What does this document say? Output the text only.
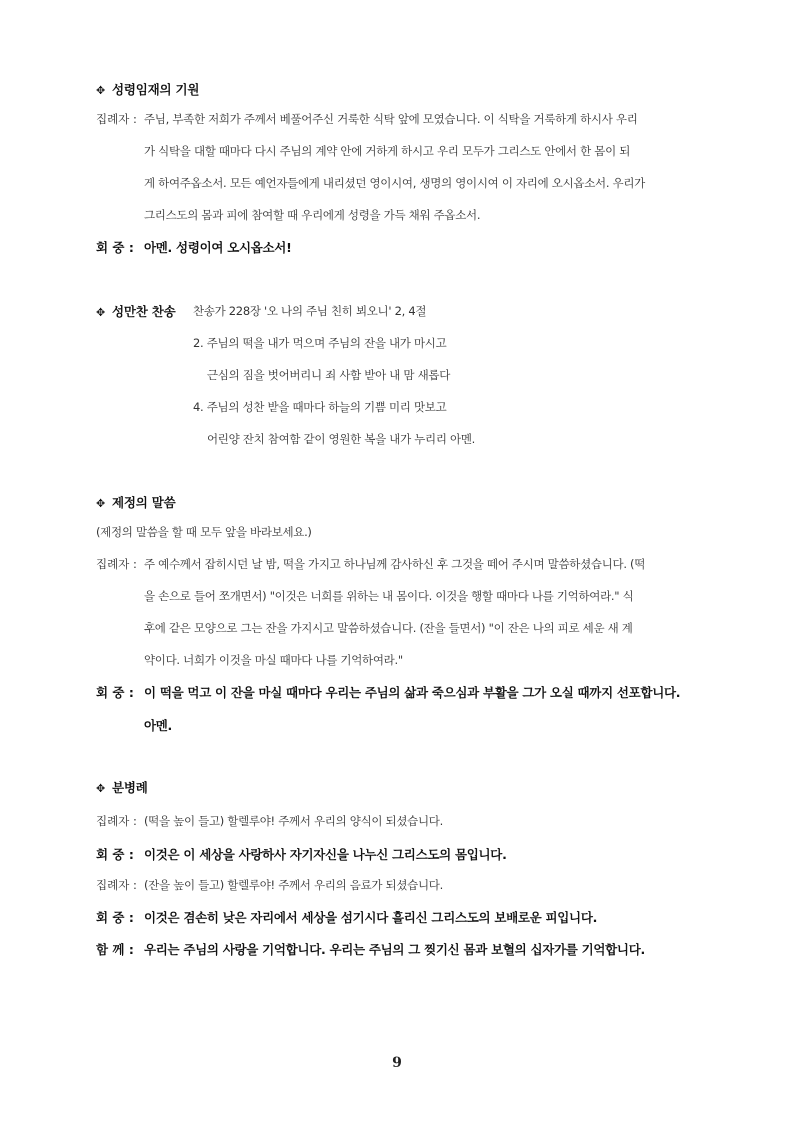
✥ 성령임재의 기원
집례자 : 주님, 부족한 저희가 주께서 베풀어주신 거룩한 식탁 앞에 모였습니다. 이 식탁을 거룩하게 하시사 우리
가 식탁을 대할 때마다 다시 주님의 계약 안에 거하게 하시고 우리 모두가 그리스도 안에서 한 몸이 되
게 하여주옵소서. 모든 예언자들에게 내리셨던 영이시여, 생명의 영이시여 이 자리에 오시옵소서. 우리가
그리스도의 몸과 피에 참여할 때 우리에게 성령을 가득 채워 주옵소서.
회 중 : 아멘. 성령이여 오시옵소서!
✥ 성만찬 찬송 찬송가 228장 '오 나의 주님 친히 뵈오니' 2, 4절
2. 주님의 떡을 내가 먹으며 주님의 잔을 내가 마시고
근심의 짐을 벗어버리니 죄 사함 받아 내 맘 새롭다
4. 주님의 성찬 받을 때마다 하늘의 기쁨 미리 맛보고
어린양 잔치 참여함 같이 영원한 복을 내가 누리리 아멘.
✥ 제정의 말씀
(제정의 말씀을 할 때 모두 앞을 바라보세요.)
집례자 : 주 예수께서 잡히시던 날 밤, 떡을 가지고 하나님께 감사하신 후 그것을 떼어 주시며 말씀하셨습니다. (떡
을 손으로 들어 쪼개면서) "이것은 너희를 위하는 내 몸이다. 이것을 행할 때마다 나를 기억하여라." 식
후에 같은 모양으로 그는 잔을 가지시고 말씀하셨습니다. (잔을 들면서) "이 잔은 나의 피로 세운 새 계
약이다. 너희가 이것을 마실 때마다 나를 기억하여라."
회 중 : 이 떡을 먹고 이 잔을 마실 때마다 우리는 주님의 삶과 죽으심과 부활을 그가 오실 때까지 선포합니다.
아멘.
✥ 분병례
집례자 : (떡을 높이 들고) 할렐루야! 주께서 우리의 양식이 되셨습니다.
회 중 : 이것은 이 세상을 사랑하사 자기자신을 나누신 그리스도의 몸입니다.
집례자 : (잔을 높이 들고) 할렐루야! 주께서 우리의 음료가 되셨습니다.
회 중 : 이것은 겸손히 낮은 자리에서 세상을 섬기시다 흘리신 그리스도의 보배로운 피입니다.
함 께 : 우리는 주님의 사랑을 기억합니다. 우리는 주님의 그 찢기신 몸과 보혈의 십자가를 기억합니다.
9
